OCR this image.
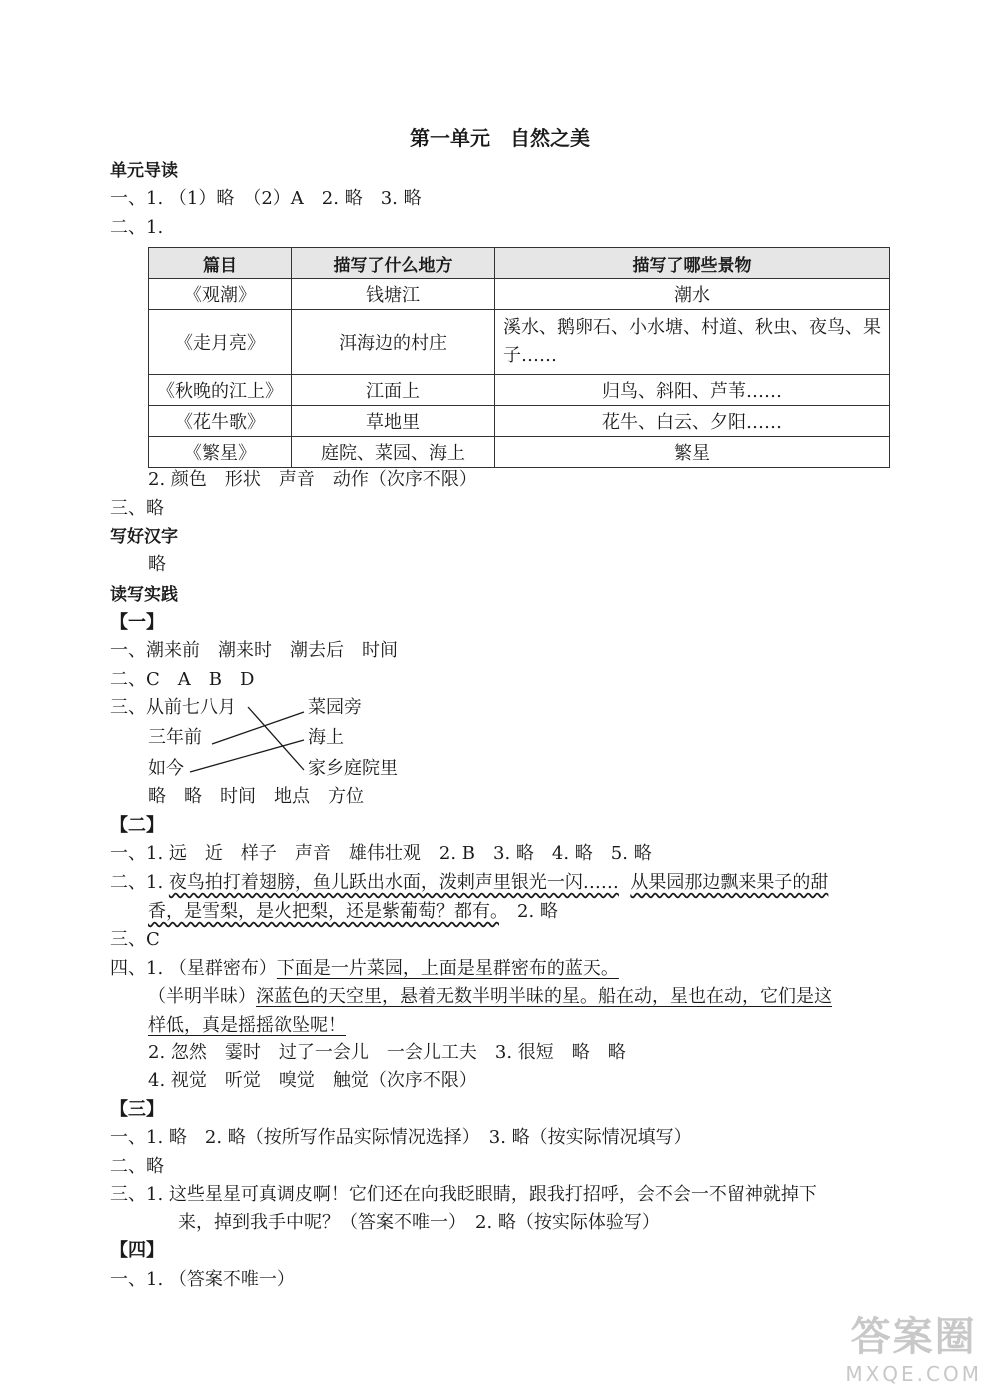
第一单元　自然之美
单元导读
一、1. （1）略　（2）A　2. 略　3. 略
二、1.
篇目	描写了什么地方	描写了哪些景物
《观潮》	钱塘江	潮水
《走月亮》	洱海边的村庄	溪水、鹅卵石、小水塘、村道、秋虫、夜鸟、果子……
《秋晚的江上》	江面上	归鸟、斜阳、芦苇……
《花牛歌》	草地里	花牛、白云、夕阳……
《繁星》	庭院、菜园、海上	繁星
2. 颜色　形状　声音　动作（次序不限）
三、略
写好汉字
略
读写实践
【一】
一、潮来前　潮来时　潮去后　时间
二、C　A　B　D
三、从前七八月	菜园旁
三年前	海上
如今	家乡庭院里
略　略　时间　地点　方位
【二】
一、1. 远　近　样子　声音　雄伟壮观　2. B　3. 略　4. 略　5. 略
二、1. 夜鸟拍打着翅膀，鱼儿跃出水面，泼剌声里银光一闪…… 从果园那边飘来果子的甜
香，是雪梨，是火把梨，还是紫葡萄？都有。　2. 略
三、C
四、1. （星群密布）下面是一片菜园，上面是星群密布的蓝天。
（半明半昧）深蓝色的天空里，悬着无数半明半昧的星。船在动，星也在动，它们是这
样低，真是摇摇欲坠呢！
2. 忽然　霎时　过了一会儿　一会儿工夫　3. 很短　略　略
4. 视觉　听觉　嗅觉　触觉（次序不限）
【三】
一、1. 略　2. 略（按所写作品实际情况选择）　3. 略（按实际情况填写）
二、略
三、1. 这些星星可真调皮啊！它们还在向我眨眼睛，跟我打招呼，会不会一不留神就掉下
来，掉到我手中呢？（答案不唯一）　2. 略（按实际体验写）
【四】
一、1. （答案不唯一）
答案圈
MXQE.COM
